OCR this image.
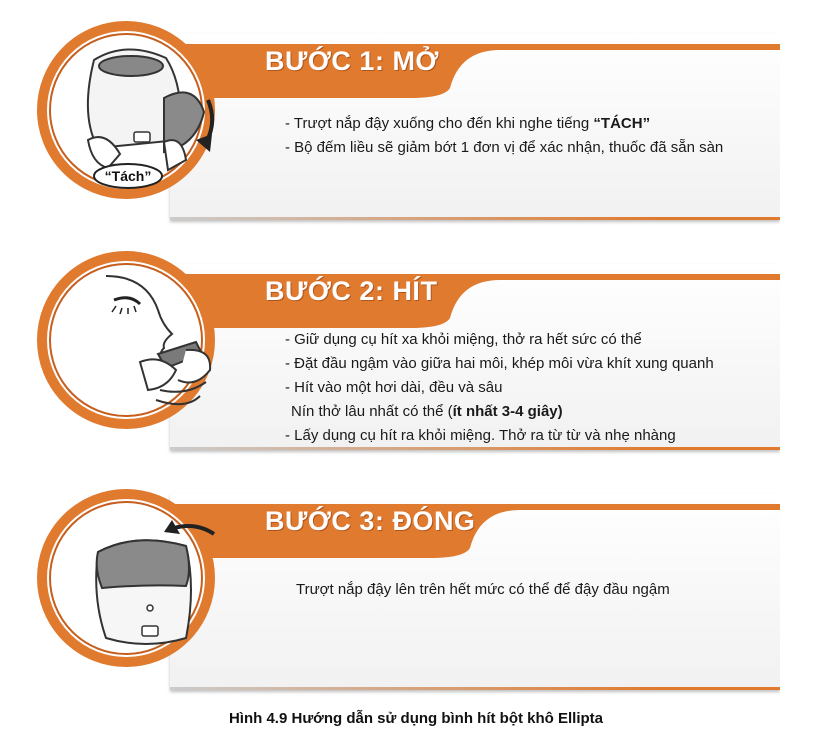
BƯỚC 1: MỞ
- Trượt nắp đậy xuống cho đến khi nghe tiếng “TÁCH”
- Bộ đếm liều sẽ giảm bớt 1 đơn vị để xác nhận, thuốc đã sẵn sàn
“Tách”
BƯỚC 2: HÍT
- Giữ dụng cụ hít xa khỏi miệng, thở ra hết sức có thể
- Đặt đầu ngậm vào giữa hai môi, khép môi vừa khít xung quanh
- Hít vào một hơi dài, đều và sâu
Nín thở lâu nhất có thể (ít nhất 3-4 giây)
- Lấy dụng cụ hít ra khỏi miệng. Thở ra từ từ và nhẹ nhàng
BƯỚC 3: ĐÓNG
Trượt nắp đậy lên trên hết mức có thể để đậy đầu ngậm
Hình 4.9 Hướng dẫn sử dụng bình hít bột khô Ellipta
